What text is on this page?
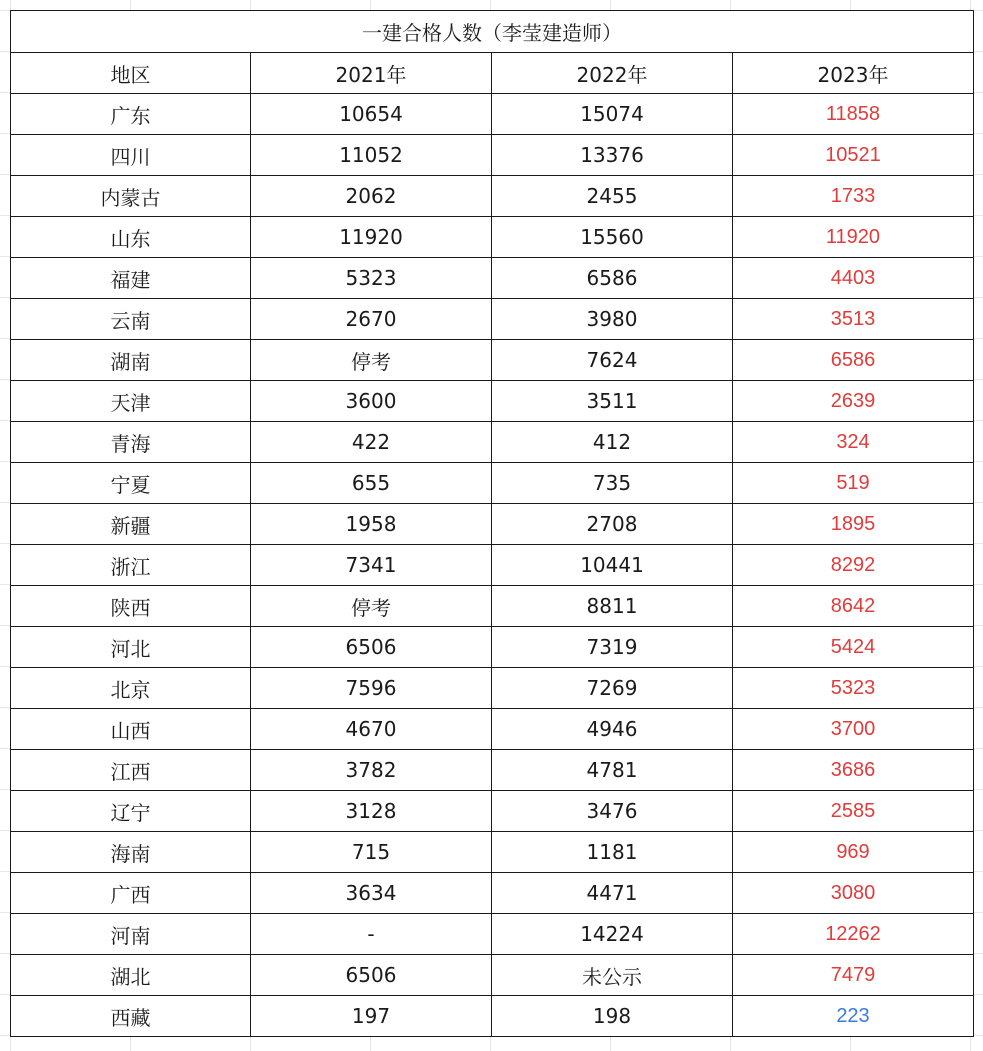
一建合格人数（李莹建造师）			
地区	2021年	2022年	2023年
广东	10654	15074	11858
四川	11052	13376	10521
内蒙古	2062	2455	1733
山东	11920	15560	11920
福建	5323	6586	4403
云南	2670	3980	3513
湖南	停考	7624	6586
天津	3600	3511	2639
青海	422	412	324
宁夏	655	735	519
新疆	1958	2708	1895
浙江	7341	10441	8292
陕西	停考	8811	8642
河北	6506	7319	5424
北京	7596	7269	5323
山西	4670	4946	3700
江西	3782	4781	3686
辽宁	3128	3476	2585
海南	715	1181	969
广西	3634	4471	3080
河南	-	14224	12262
湖北	6506	未公示	7479
西藏	197	198	223
